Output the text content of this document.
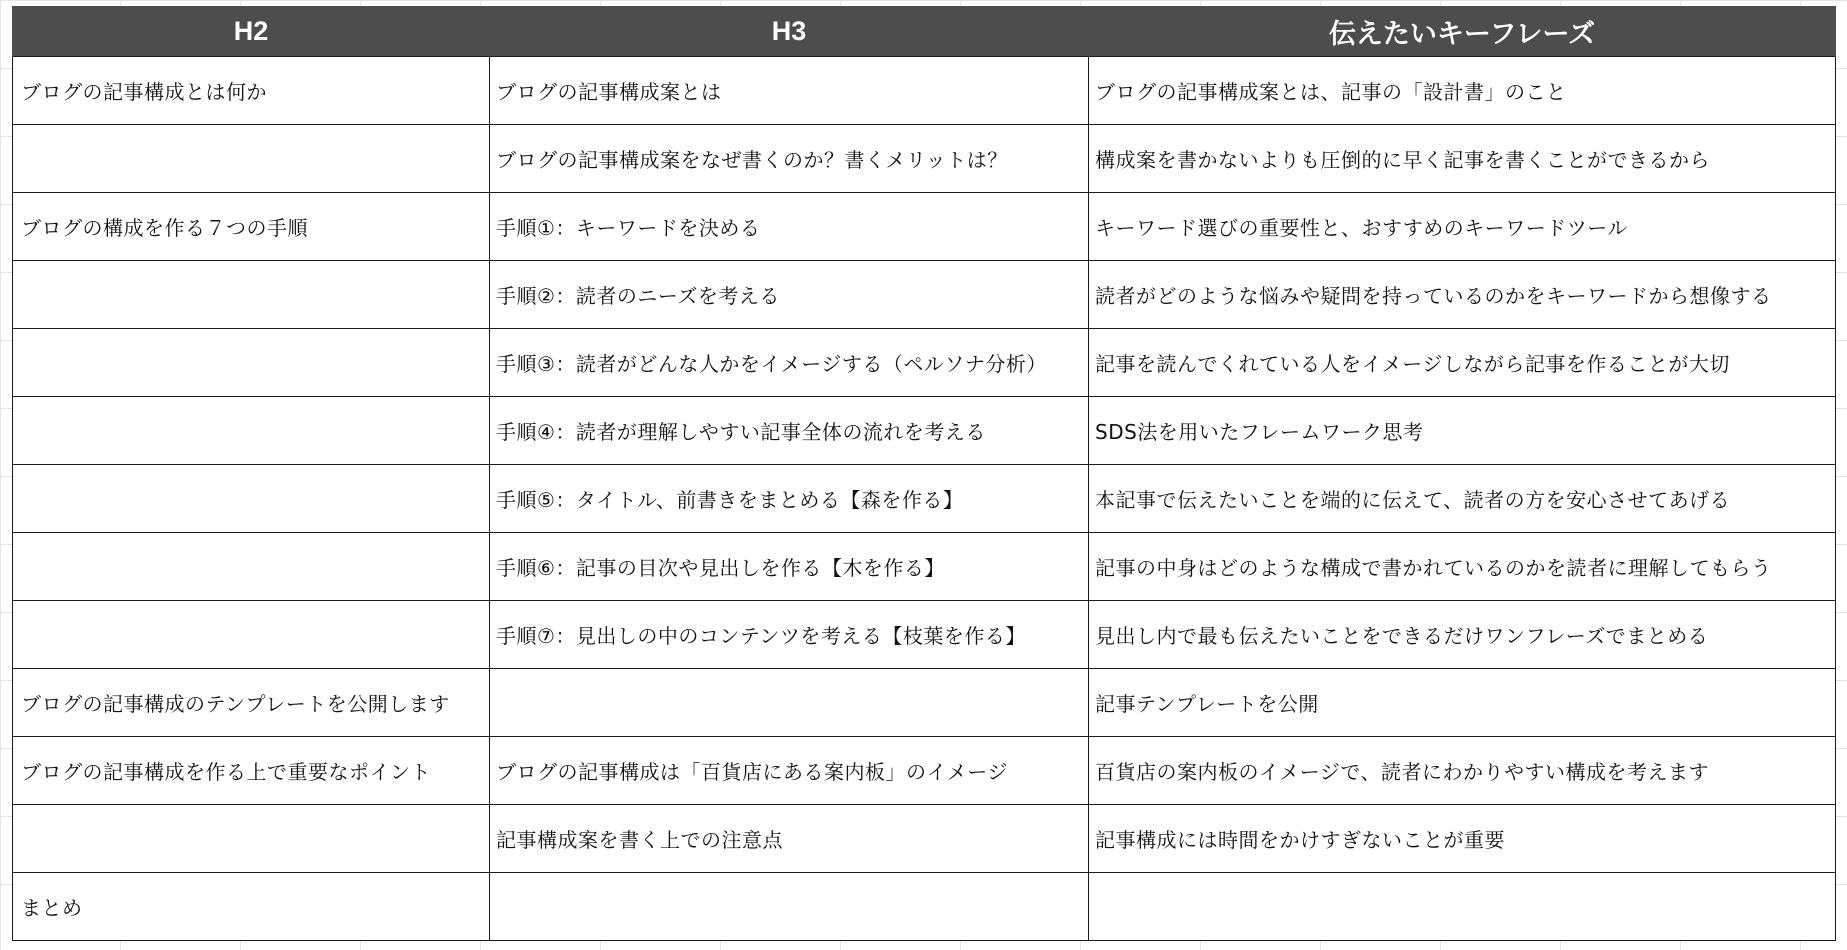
H2	H3	伝えたいキーフレーズ
ブログの記事構成とは何か	ブログの記事構成案とは	ブログの記事構成案とは、記事の「設計書」のこと
	ブログの記事構成案をなぜ書くのか？書くメリットは？	構成案を書かないよりも圧倒的に早く記事を書くことができるから
ブログの構成を作る７つの手順	手順①：キーワードを決める	キーワード選びの重要性と、おすすめのキーワードツール
	手順②：読者のニーズを考える	読者がどのような悩みや疑問を持っているのかをキーワードから想像する
	手順③：読者がどんな人かをイメージする（ペルソナ分析）	記事を読んでくれている人をイメージしながら記事を作ることが大切
	手順④：読者が理解しやすい記事全体の流れを考える	SDS法を用いたフレームワーク思考
	手順⑤：タイトル、前書きをまとめる【森を作る】	本記事で伝えたいことを端的に伝えて、読者の方を安心させてあげる
	手順⑥：記事の目次や見出しを作る【木を作る】	記事の中身はどのような構成で書かれているのかを読者に理解してもらう
	手順⑦：見出しの中のコンテンツを考える【枝葉を作る】	見出し内で最も伝えたいことをできるだけワンフレーズでまとめる
ブログの記事構成のテンプレートを公開します		記事テンプレートを公開
ブログの記事構成を作る上で重要なポイント	ブログの記事構成は「百貨店にある案内板」のイメージ	百貨店の案内板のイメージで、読者にわかりやすい構成を考えます
	記事構成案を書く上での注意点	記事構成には時間をかけすぎないことが重要
まとめ		
